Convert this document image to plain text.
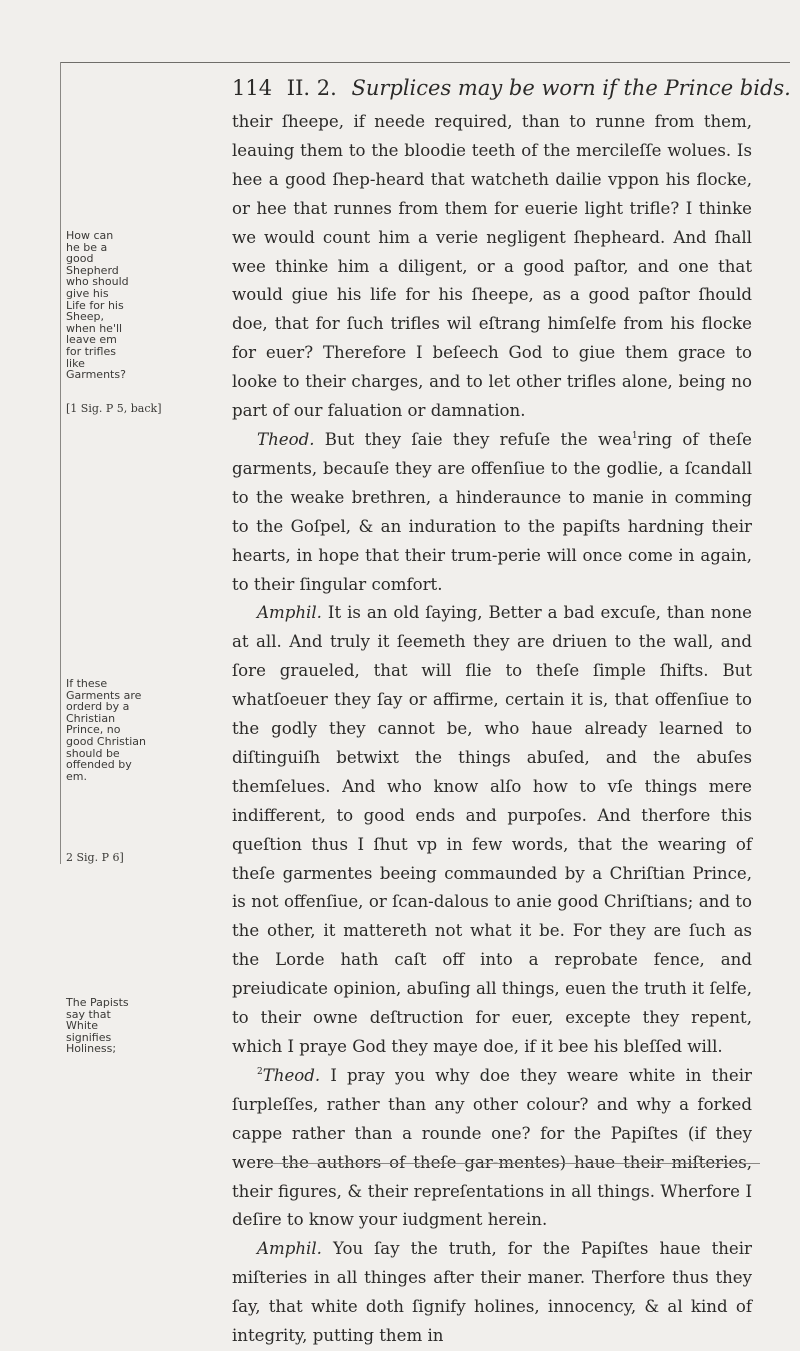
114 II. 2. Surplices may be worn if the Prince bids.

their ſheepe, if neede required, than to runne from them, leauing them to the bloodie teeth of the mercileſſe wolues. Is hee a good ſhep-heard that watcheth dailie vppon his flocke, or hee that runnes from them for euerie light trifle? I thinke we would count him a verie negligent ſhepheard. And ſhall wee thinke him a diligent, or a good paſtor, and one that would giue his life for his ſheepe, as a good paſtor ſhould doe, that for ſuch trifles wil eſtrang himſelfe from his flocke for euer? Therefore I beſeech God to giue them grace to looke to their charges, and to let other trifles alone, being no part of our faluation or damnation.

Theod. But they ſaie they refuſe the wea$^1$ring of theſe garments, becauſe they are offenſiue to the godlie, a ſcandall to the weake brethren, a hinderaunce to manie in comming to the Goſpel, & an induration to the papiſts hardning their hearts, in hope that their trum-perie will once come in again, to their ſingular comfort.

Amphil. It is an old ſaying, Better a bad excuſe, than none at all. And truly it ſeemeth they are driuen to the wall, and ſore graueled, that will flie to theſe ſimple ſhifts. But whatſoeuer they ſay or affirme, certain it is, that offenſiue to the godly they cannot be, who haue already learned to diſtinguiſh betwixt the things abuſed, and the abuſes themſelues. And who know alſo how to vſe things mere indifferent, to good ends and purpoſes. And therfore this queſtion thus I ſhut vp in few words, that the wearing of theſe garmentes beeing commaunded by a Chriſtian Prince, is not offenſiue, or ſcan-dalous to anie good Chriſtians; and to the other, it mattereth not what it be. For they are ſuch as the Lorde hath caſt off into a reprobate fence, and preiudicate opinion, abuſing all things, euen the truth it ſelfe, to their owne deſtruction for euer, excepte they repent, which I praye God they maye doe, if it bee his bleſſed will.

$^2$Theod. I pray you why doe they weare white in their ſurpleſſes, rather than any other colour? and why a forked cappe rather than a rounde one? for the Papiſtes (if they were the authors of theſe gar-mentes) haue their miſteries, their figures, & their repreſentations in all things. Wherfore I deſire to know your iudgment herein.

Amphil. You ſay the truth, for the Papiſtes haue their miſteries in all thinges after their maner. Therfore thus they ſay, that white doth ſignify holines, innocency, & al kind of integrity, putting them in

How can he be a good Shepherd who should give his Life for his Sheep, when he'll leave em for trifles like Garments?
[1 Sig. P 5, back]
If these Garments are orderd by a Christian Prince, no good Christian should be offended by em.
2 Sig. P 6]
The Papists say that White signifies Holiness;
